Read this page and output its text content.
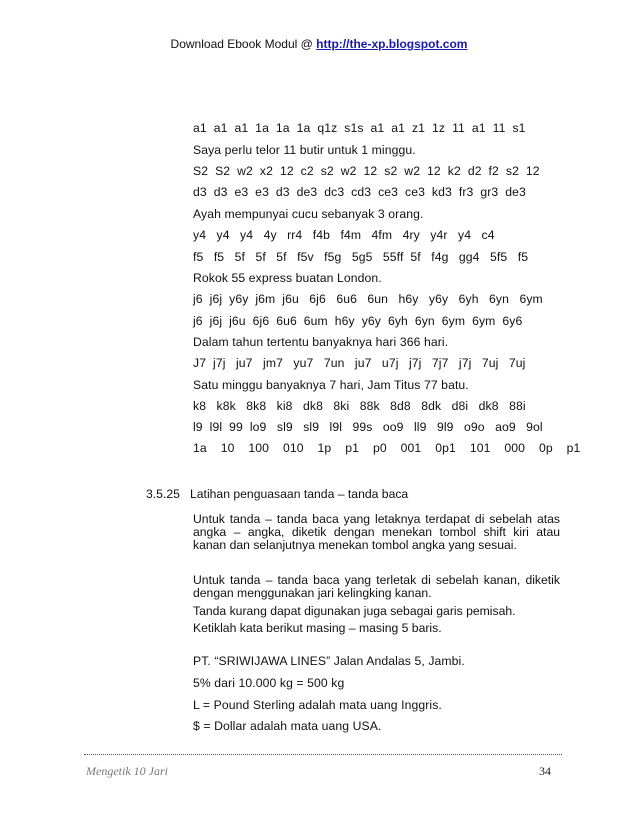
Download Ebook Modul @ http://the-xp.blogspot.com
a1  a1  a1  1a  1a  1a  q1z  s1s  a1  a1  z1  1z  11  a1  11  s1
Saya perlu telor 11 butir untuk 1 minggu.
S2  S2  w2  x2  12  c2  s2  w2  12  s2  w2  12  k2  d2  f2  s2  12
d3  d3  e3  e3  d3  de3  dc3  cd3  ce3  ce3  kd3  fr3  gr3  de3
Ayah mempunyai cucu sebanyak 3 orang.
y4   y4   y4   4y   rr4   f4b   f4m   4fm   4ry   y4r   y4   c4
f5   f5   5f   5f   5f   f5v   f5g   5g5   55ff  5f   f4g   gg4   5f5   f5
Rokok 55 express buatan London.
j6  j6j  y6y  j6m  j6u   6j6   6u6   6un   h6y   y6y   6yh   6yn   6ym
j6  j6j  j6u  6j6  6u6  6um  h6y  y6y  6yh  6yn  6ym  6ym  6y6
Dalam tahun tertentu banyaknya hari 366 hari.
J7  j7j   ju7   jm7   yu7   7un   ju7   u7j   j7j   7j7   j7j   7uj   7uj
Satu minggu banyaknya 7 hari, Jam Titus 77 batu.
k8   k8k   8k8   ki8   dk8   8ki   88k   8d8   8dk   d8i   dk8   88i
l9  l9l  99  lo9   sl9   sl9   l9l   99s   oo9   ll9   9l9   o9o   ao9   9ol
1a    10    100    010    1p    p1    p0    001    0p1    101    000    0p    p1
3.5.25 Latihan penguasaan tanda – tanda baca
Untuk tanda – tanda baca yang letaknya terdapat di sebelah atas angka – angka, diketik dengan menekan tombol shift kiri atau kanan dan selanjutnya menekan tombol angka yang sesuai.
Untuk tanda – tanda baca yang terletak di sebelah kanan, diketik dengan menggunakan jari kelingking kanan.
Tanda kurang dapat digunakan juga sebagai garis pemisah.
Ketiklah kata berikut masing – masing 5 baris.
PT. “SRIWIJAWA LINES” Jalan Andalas 5, Jambi.
5% dari 10.000 kg = 500 kg
L = Pound Sterling adalah mata uang Inggris.
$ = Dollar adalah mata uang USA.
Mengetik 10 Jari	34
